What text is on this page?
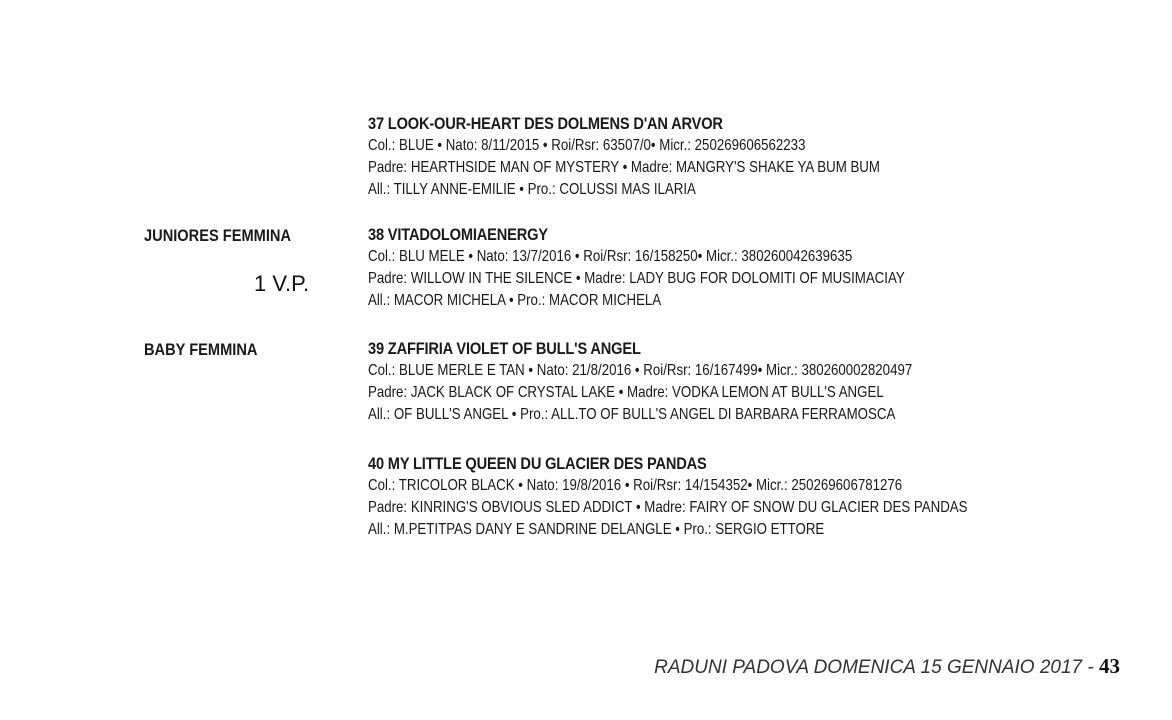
37 LOOK-OUR-HEART DES DOLMENS D'AN ARVOR
Col.: BLUE • Nato: 8/11/2015 • Roi/Rsr: 63507/0• Micr.: 250269606562233
Padre: HEARTHSIDE MAN OF MYSTERY • Madre: MANGRY'S SHAKE YA BUM BUM
All.: TILLY ANNE-EMILIE • Pro.: COLUSSI MAS ILARIA
JUNIORES FEMMINA	38 VITADOLOMIAENERGY
Col.: BLU MELE • Nato: 13/7/2016 • Roi/Rsr: 16/158250• Micr.: 380260042639635
Padre: WILLOW IN THE SILENCE • Madre: LADY BUG FOR DOLOMITI OF MUSIMACIAY
All.: MACOR MICHELA • Pro.: MACOR MICHELA
1 V.P.
BABY FEMMINA	39 ZAFFIRIA VIOLET OF BULL'S ANGEL
Col.: BLUE MERLE E TAN • Nato: 21/8/2016 • Roi/Rsr: 16/167499• Micr.: 380260002820497
Padre: JACK BLACK OF CRYSTAL LAKE • Madre: VODKA LEMON AT BULL'S ANGEL
All.: OF BULL'S ANGEL • Pro.: ALL.TO OF BULL'S ANGEL DI BARBARA FERRAMOSCA
40 MY LITTLE QUEEN DU GLACIER DES PANDAS
Col.: TRICOLOR BLACK • Nato: 19/8/2016 • Roi/Rsr: 14/154352• Micr.: 250269606781276
Padre: KINRING'S OBVIOUS SLED ADDICT • Madre: FAIRY OF SNOW DU GLACIER DES PANDAS
All.: M.PETITPAS DANY E SANDRINE DELANGLE • Pro.: SERGIO ETTORE
RADUNI PADOVA DOMENICA 15 GENNAIO 2017 - 43
